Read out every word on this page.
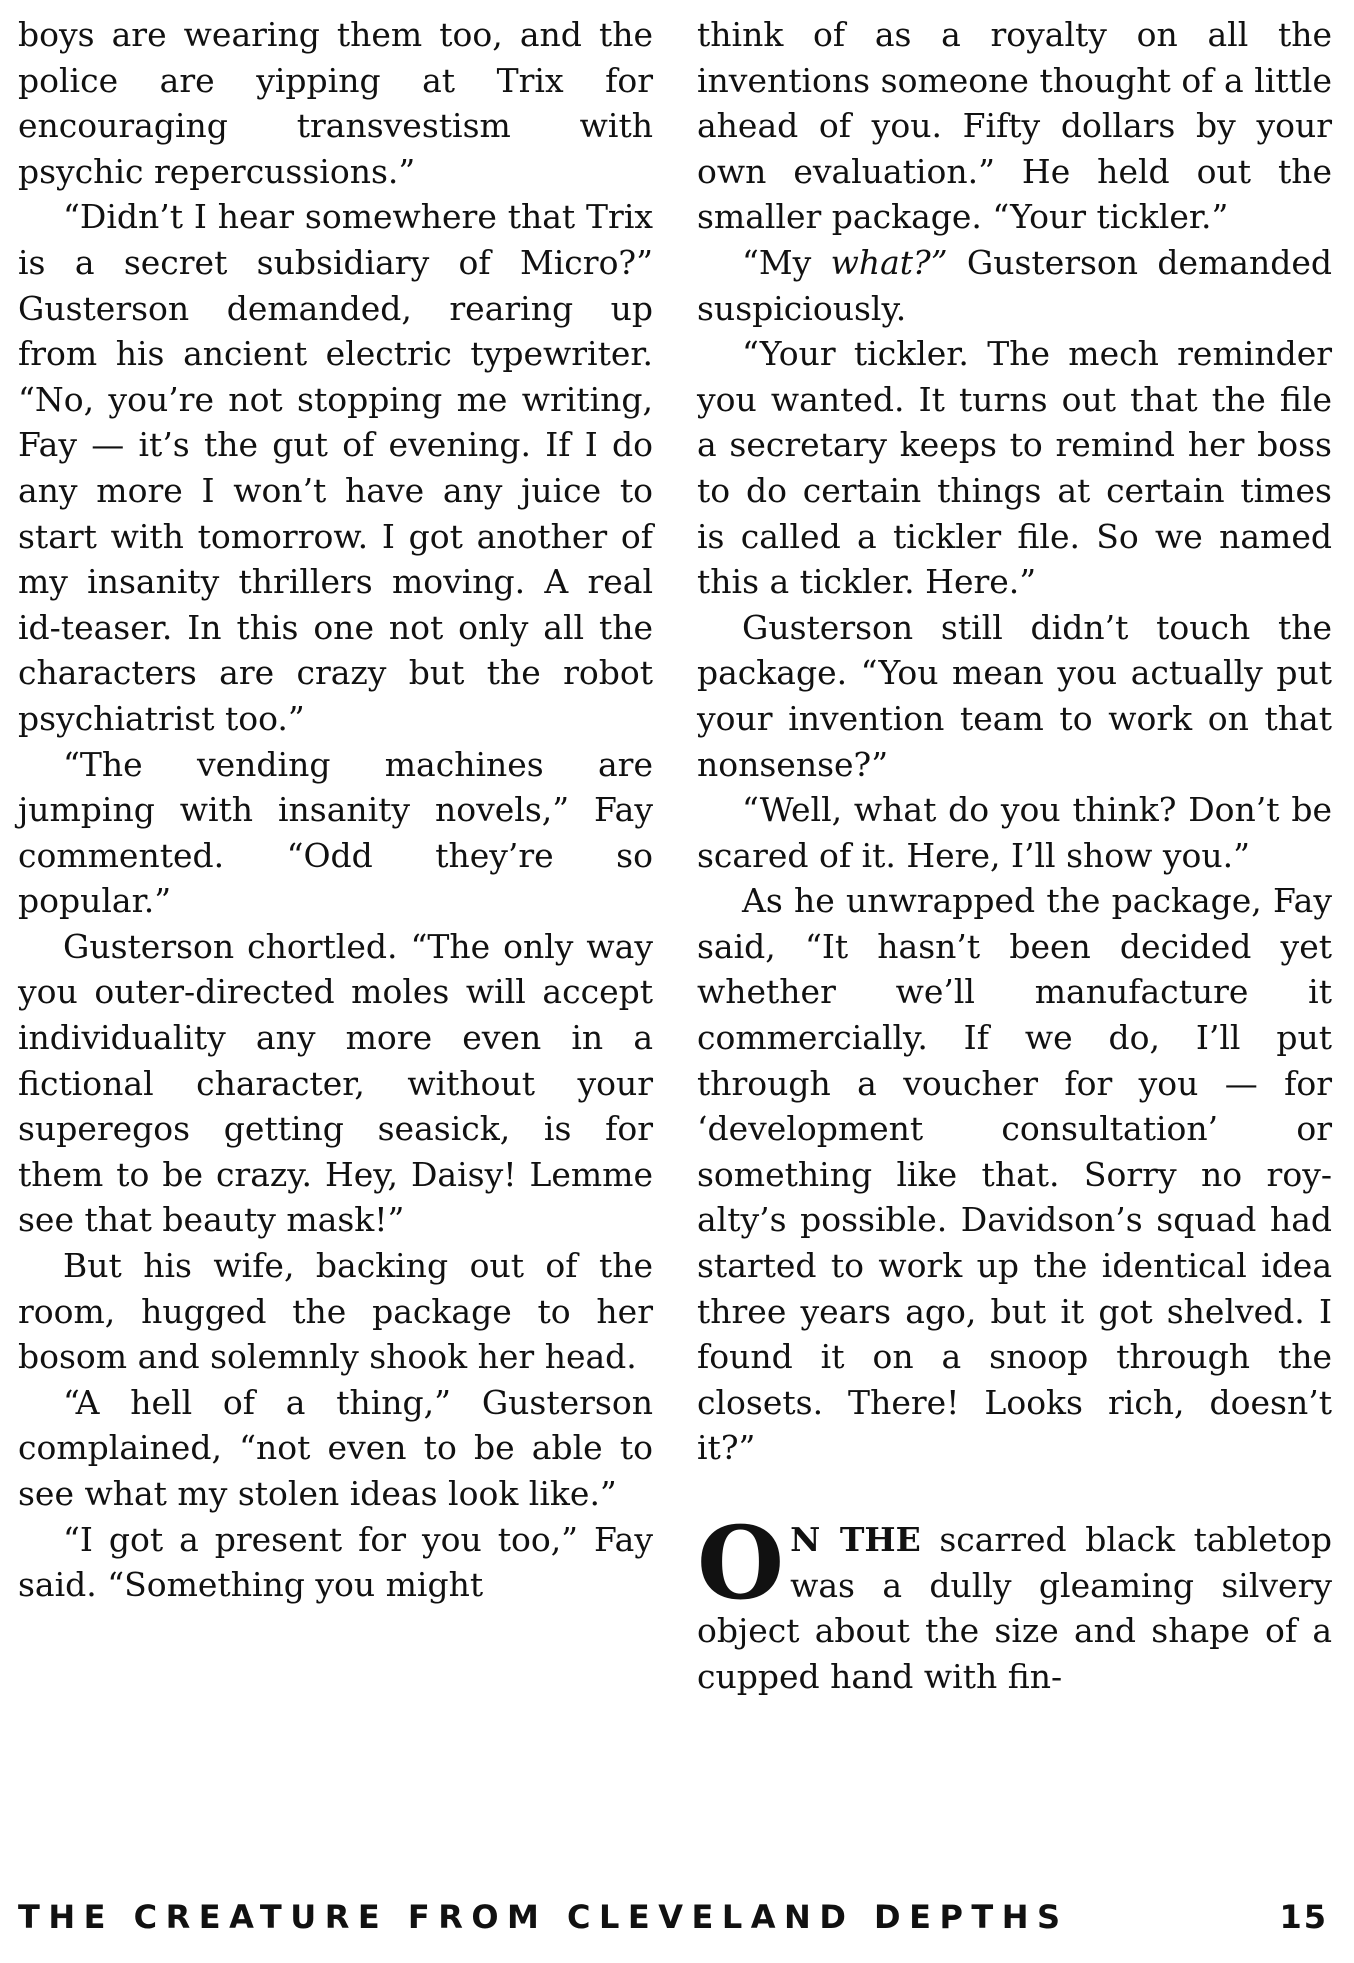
boys are wearing them too, and the police are yipping at Trix for encouraging transvestism with psychic repercussions.”

“Didn’t I hear somewhere that Trix is a secret subsidiary of Micro?” Gusterson demanded, rearing up from his ancient electric typewriter. “No, you’re not stopping me writing, Fay — it’s the gut of evening. If I do any more I won’t have any juice to start with tomorrow. I got another of my insanity thrillers moving. A real id-teaser. In this one not only all the characters are crazy but the robot psychiatrist too.”

“The vending machines are jumping with insanity novels,” Fay commented. “Odd they’re so popular.”

Gusterson chortled. “The only way you outer-directed moles will accept individuality any more even in a fictional character, without your superegos getting seasick, is for them to be crazy. Hey, Daisy! Lemme see that beauty mask!”

But his wife, backing out of the room, hugged the package to her bosom and solemnly shook her head.

“A hell of a thing,” Gusterson complained, “not even to be able to see what my stolen ideas look like.”

“I got a present for you too,” Fay said. “Something you might

think of as a royalty on all the inventions someone thought of a little ahead of you. Fifty dollars by your own evaluation.” He held out the smaller package. “Your tickler.”

“My what?” Gusterson demanded suspiciously.

“Your tickler. The mech reminder you wanted. It turns out that the file a secretary keeps to remind her boss to do certain things at certain times is called a tickler file. So we named this a tickler. Here.”

Gusterson still didn’t touch the package. “You mean you actually put your invention team to work on that nonsense?”

“Well, what do you think? Don’t be scared of it. Here, I’ll show you.”

As he unwrapped the package, Fay said, “It hasn’t been decided yet whether we’ll manufacture it commercially. If we do, I’ll put through a voucher for you — for ‘development consultation’ or something like that. Sorry no royalty’s possible. Davidson’s squad had started to work up the identical idea three years ago, but it got shelved. I found it on a snoop through the closets. There! Looks rich, doesn’t it?”

O N THE scarred black tabletop was a dully gleaming silvery object about the size and shape of a cupped hand with fin-

THE CREATURE FROM CLEVELAND DEPTHS	15
